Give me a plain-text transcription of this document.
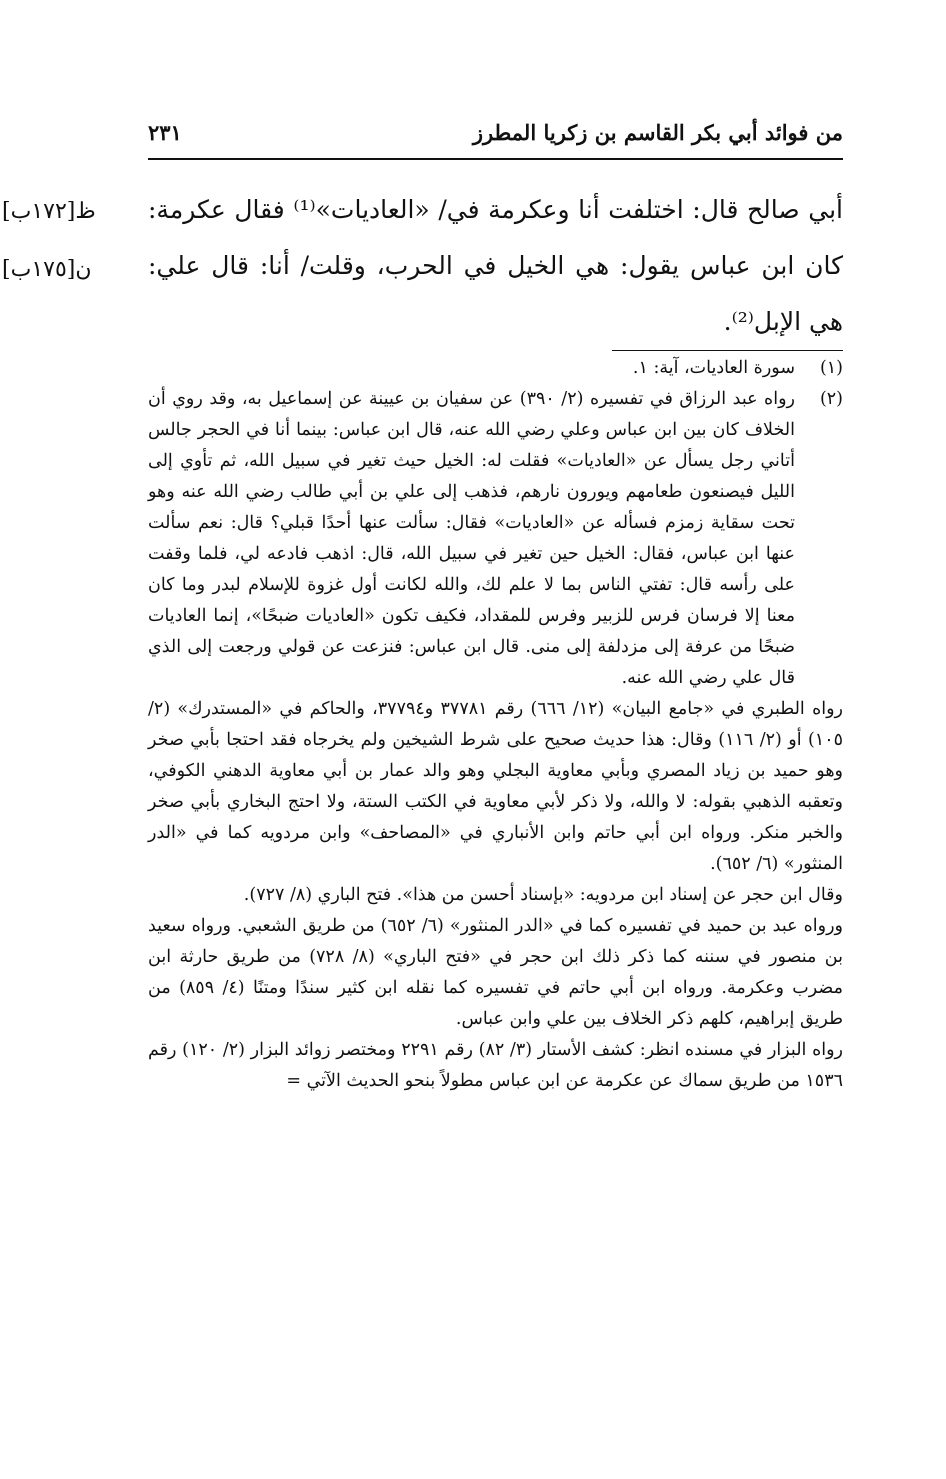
من فوائد أبي بكر القاسم بن زكريا المطرز
٢٣١
[١٧٢ب]ظ
[١٧٥ب]ن

أبي صالح قال: اختلفت أنا وعكرمة في/ «العاديات»⁽¹⁾ فقال عكرمة: كان ابن عباس يقول: هي الخيل في الحرب، وقلت/ أنا: قال علي: هي الإبل⁽²⁾.

(١)

سورة العاديات، آية: ١.

(٢)

رواه عبد الرزاق في تفسيره (٢/ ٣٩٠) عن سفيان بن عيينة عن إسماعيل به، وقد روي أن الخلاف كان بين ابن عباس وعلي رضي الله عنه، قال ابن عباس: بينما أنا في الحجر جالس أتاني رجل يسأل عن «العاديات» فقلت له: الخيل حيث تغير في سبيل الله، ثم تأوي إلى الليل فيصنعون طعامهم ويورون نارهم، فذهب إلى علي بن أبي طالب رضي الله عنه وهو تحت سقاية زمزم فسأله عن «العاديات» فقال: سألت عنها أحدًا قبلي؟ قال: نعم سألت عنها ابن عباس، فقال: الخيل حين تغير في سبيل الله، قال: اذهب فادعه لي، فلما وقفت على رأسه قال: تفتي الناس بما لا علم لك، والله لكانت أول غزوة للإسلام لبدر وما كان معنا إلا فرسان فرس للزبير وفرس للمقداد، فكيف تكون «العاديات ضبحًا»، إنما العاديات ضبحًا من عرفة إلى مزدلفة إلى منى. قال ابن عباس: فنزعت عن قولي ورجعت إلى الذي قال علي رضي الله عنه.

رواه الطبري في «جامع البيان» (١٢/ ٦٦٦) رقم ٣٧٧٨١ و٣٧٧٩٤، والحاكم في «المستدرك» (٢/ ١٠٥) أو (٢/ ١١٦) وقال: هذا حديث صحيح على شرط الشيخين ولم يخرجاه فقد احتجا بأبي صخر وهو حميد بن زياد المصري وبأبي معاوية البجلي وهو والد عمار بن أبي معاوية الدهني الكوفي، وتعقبه الذهبي بقوله: لا والله، ولا ذكر لأبي معاوية في الكتب الستة، ولا احتج البخاري بأبي صخر والخبر منكر. ورواه ابن أبي حاتم وابن الأنباري في «المصاحف» وابن مردويه كما في «الدر المنثور» (٦/ ٦٥٢).

وقال ابن حجر عن إسناد ابن مردويه: «بإسناد أحسن من هذا». فتح الباري (٨/ ٧٢٧).

ورواه عبد بن حميد في تفسيره كما في «الدر المنثور» (٦/ ٦٥٢) من طريق الشعبي. ورواه سعيد بن منصور في سننه كما ذكر ذلك ابن حجر في «فتح الباري» (٨/ ٧٢٨) من طريق حارثة ابن مضرب وعكرمة. ورواه ابن أبي حاتم في تفسيره كما نقله ابن كثير سندًا ومتنًا (٤/ ٨٥٩) من طريق إبراهيم، كلهم ذكر الخلاف بين علي وابن عباس.

رواه البزار في مسنده انظر: كشف الأستار (٣/ ٨٢) رقم ٢٢٩١ ومختصر زوائد البزار (٢/ ١٢٠) رقم ١٥٣٦ من طريق سماك عن عكرمة عن ابن عباس مطولاً بنحو الحديث الآتي =
